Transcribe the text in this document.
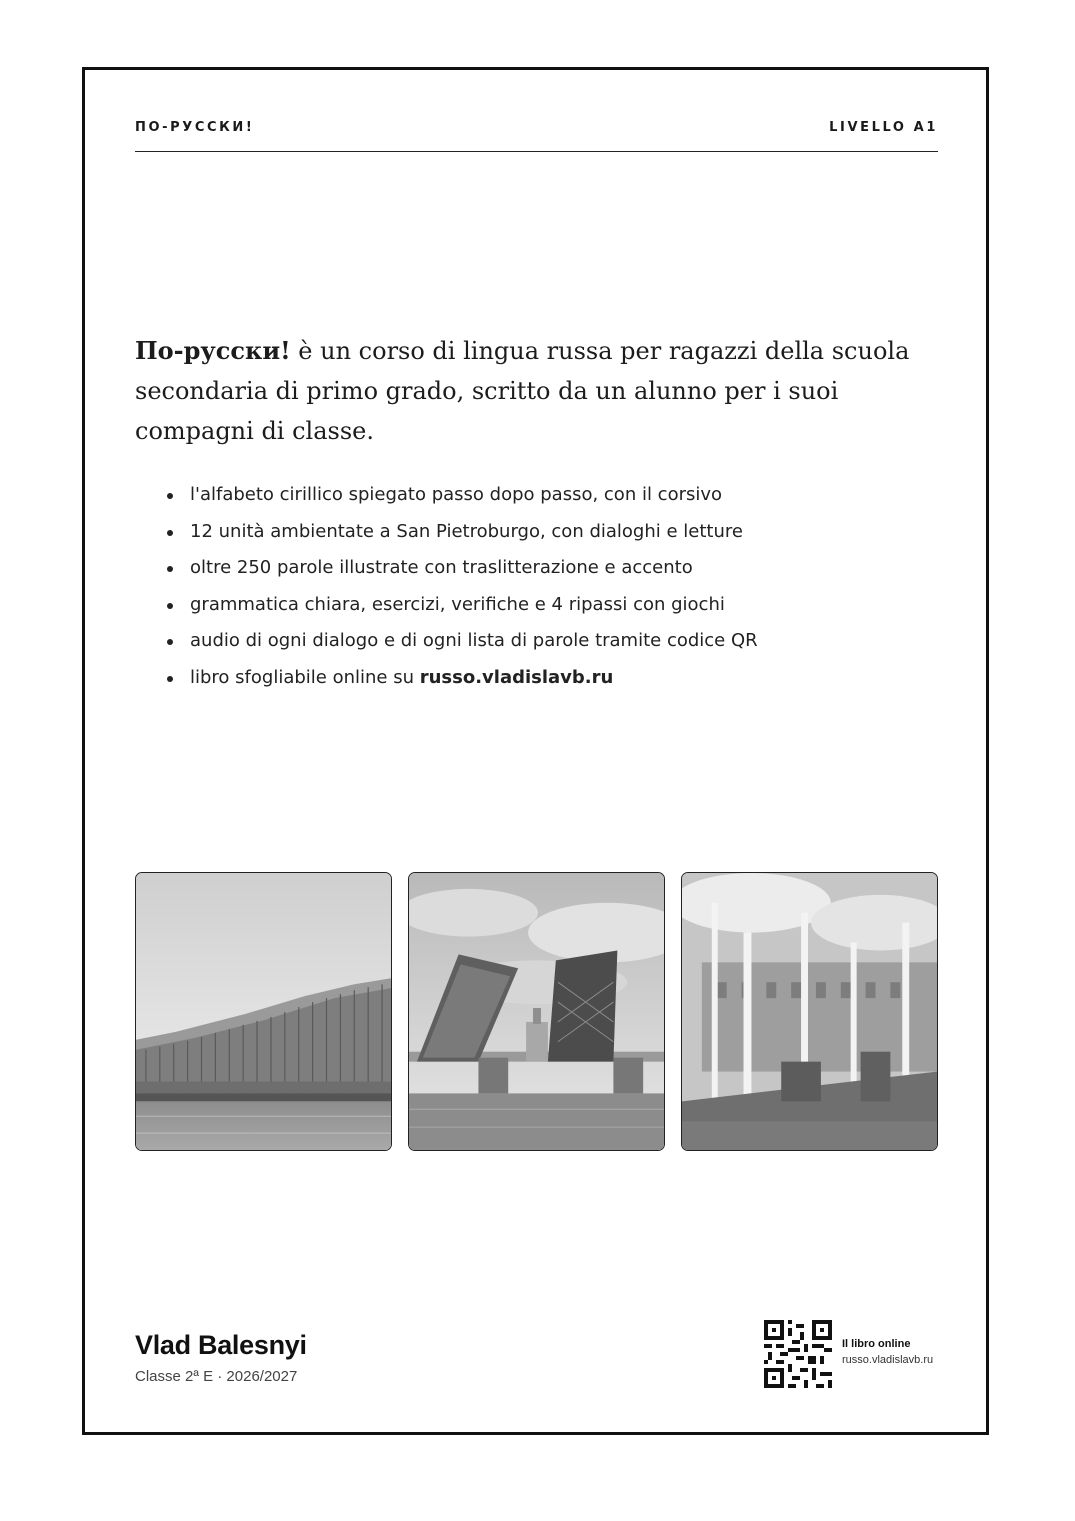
ПО-РУССКИ!	LIVELLO A1

По-русски! è un corso di lingua russa per ragazzi della scuola secondaria di primo grado, scritto da un alunno per i suoi compagni di classe.

l'alfabeto cirillico spiegato passo dopo passo, con il corsivo
12 unità ambientate a San Pietroburgo, con dialoghi e letture
oltre 250 parole illustrate con traslitterazione e accento
grammatica chiara, esercizi, verifiche e 4 ripassi con giochi
audio di ogni dialogo e di ogni lista di parole tramite codice QR
libro sfogliabile online su russo.vladislavb.ru
Vlad Balesnyi
Classe 2ª E · 2026/2027
Il libro online
russo.vladislavb.ru
